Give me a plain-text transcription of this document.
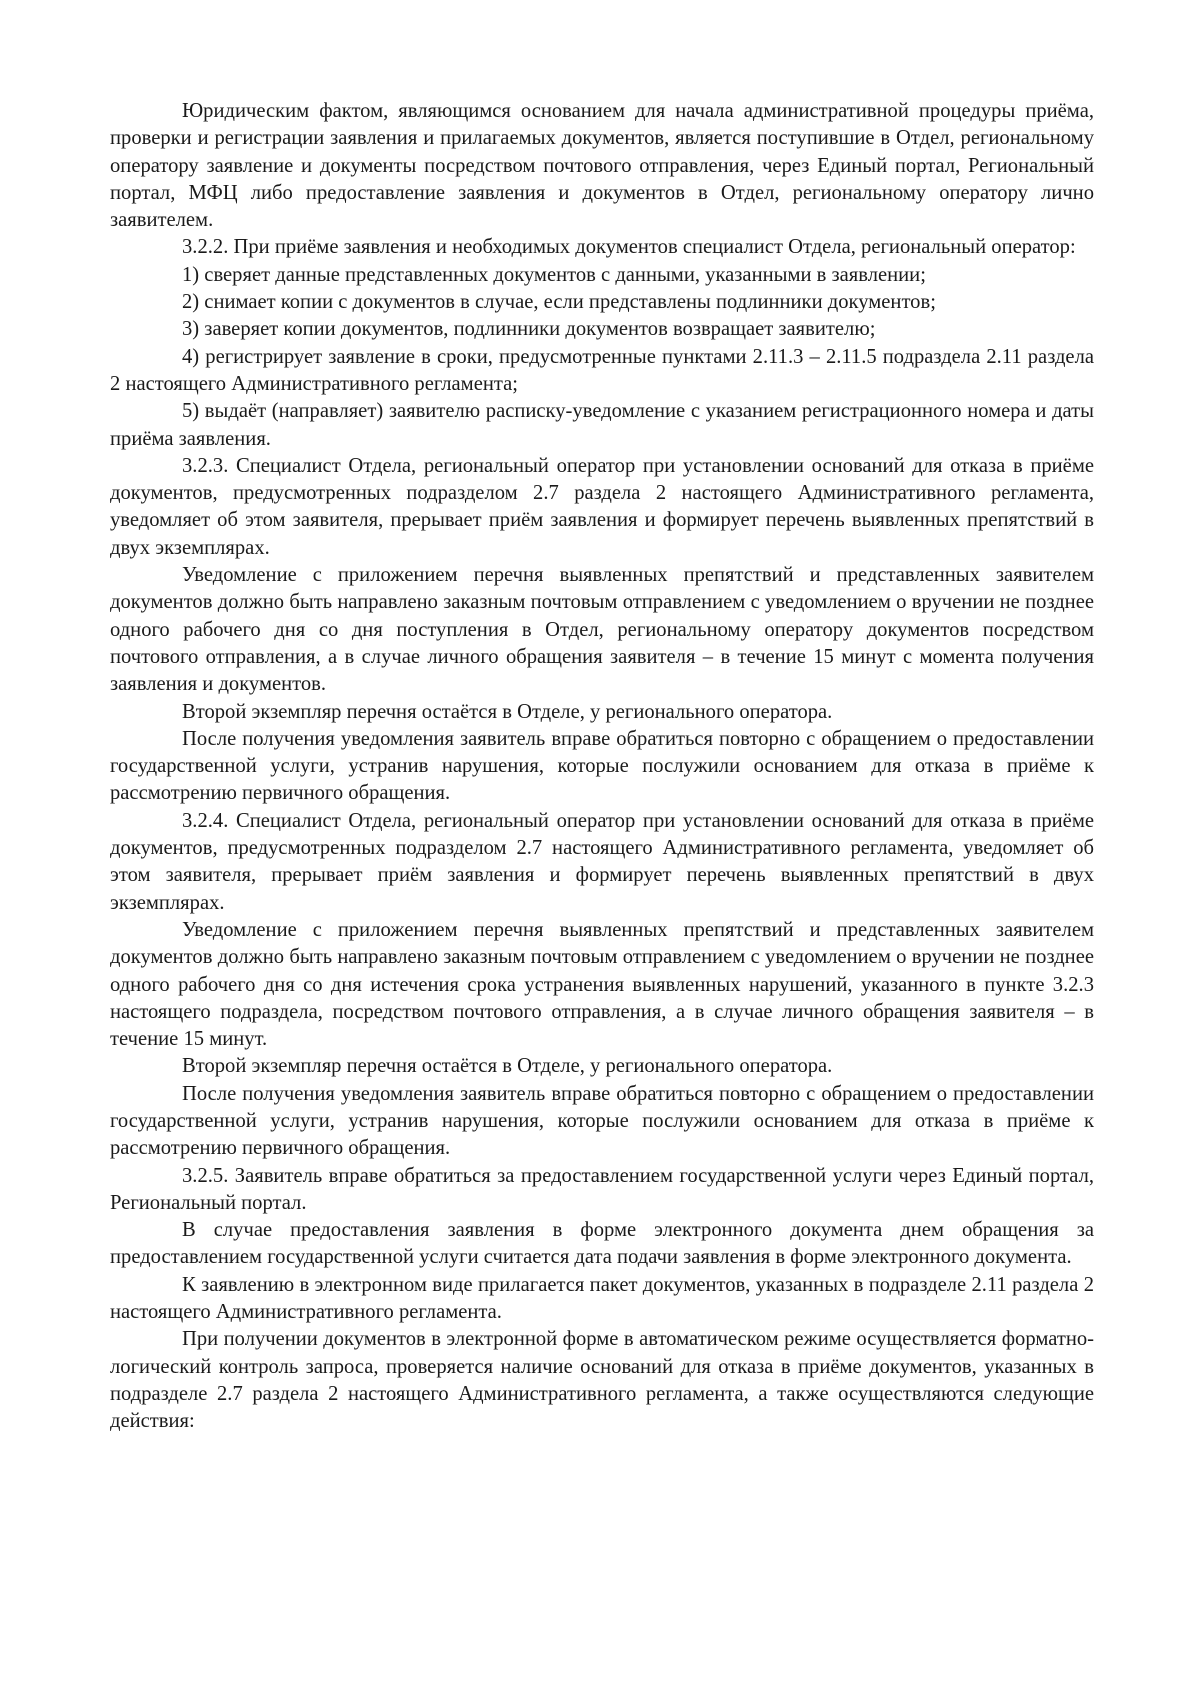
Юридическим фактом, являющимся основанием для начала административной процедуры приёма, проверки и регистрации заявления и прилагаемых документов, является поступившие в Отдел, региональному оператору заявление и документы посредством почтового отправления, через Единый портал, Региональный портал, МФЦ либо предоставление заявления и документов в Отдел, региональному оператору лично заявителем.

3.2.2. При приёме заявления и необходимых документов специалист Отдела, региональный оператор:

1) сверяет данные представленных документов с данными, указанными в заявлении;

2) снимает копии с документов в случае, если представлены подлинники документов;

3) заверяет копии документов, подлинники документов возвращает заявителю;

4) регистрирует заявление в сроки, предусмотренные пунктами 2.11.3 – 2.11.5 подраздела 2.11 раздела 2 настоящего Административного регламента;

5) выдаёт (направляет) заявителю расписку-уведомление с указанием регистрационного номера и даты приёма заявления.

3.2.3. Специалист Отдела, региональный оператор при установлении оснований для отказа в приёме документов, предусмотренных подразделом 2.7 раздела 2 настоящего Административного регламента, уведомляет об этом заявителя, прерывает приём заявления и формирует перечень выявленных препятствий в двух экземплярах.

Уведомление с приложением перечня выявленных препятствий и представленных заявителем документов должно быть направлено заказным почтовым отправлением с уведомлением о вручении не позднее одного рабочего дня со дня поступления в Отдел, региональному оператору документов посредством почтового отправления, а в случае личного обращения заявителя – в течение 15 минут с момента получения заявления и документов.

Второй экземпляр перечня остаётся в Отделе, у регионального оператора.

После получения уведомления заявитель вправе обратиться повторно с обращением о предоставлении государственной услуги, устранив нарушения, которые послужили основанием для отказа в приёме к рассмотрению первичного обращения.

3.2.4. Специалист Отдела, региональный оператор при установлении оснований для отказа в приёме документов, предусмотренных подразделом 2.7 настоящего Административного регламента, уведомляет об этом заявителя, прерывает приём заявления и формирует перечень выявленных препятствий в двух экземплярах.

Уведомление с приложением перечня выявленных препятствий и представленных заявителем документов должно быть направлено заказным почтовым отправлением с уведомлением о вручении не позднее одного рабочего дня со дня истечения срока устранения выявленных нарушений, указанного в пункте 3.2.3 настоящего подраздела, посредством почтового отправления, а в случае личного обращения заявителя – в течение 15 минут.

Второй экземпляр перечня остаётся в Отделе, у регионального оператора.

После получения уведомления заявитель вправе обратиться повторно с обращением о предоставлении государственной услуги, устранив нарушения, которые послужили основанием для отказа в приёме к рассмотрению первичного обращения.

3.2.5. Заявитель вправе обратиться за предоставлением государственной услуги через Единый портал, Региональный портал.

В случае предоставления заявления в форме электронного документа днем обращения за предоставлением государственной услуги считается дата подачи заявления в форме электронного документа.

К заявлению в электронном виде прилагается пакет документов, указанных в подразделе 2.11 раздела 2 настоящего Административного регламента.

При получении документов в электронной форме в автоматическом режиме осуществляется форматно-логический контроль запроса, проверяется наличие оснований для отказа в приёме документов, указанных в подразделе 2.7 раздела 2 настоящего Административного регламента, а также осуществляются следующие действия:
